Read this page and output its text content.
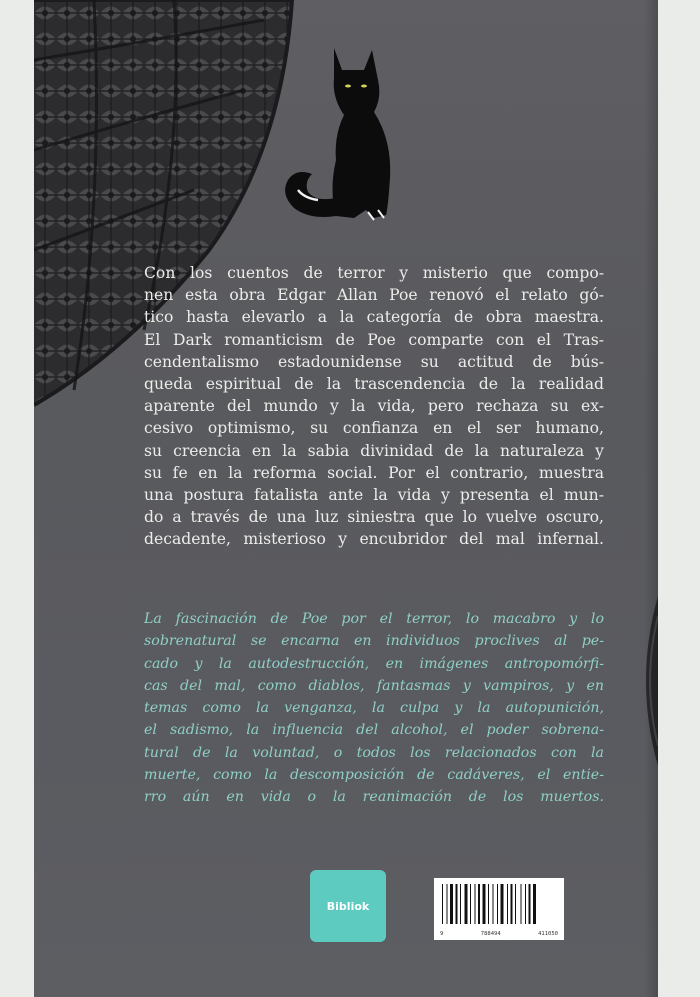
Con los cuentos de terror y misterio que compo-
nen esta obra Edgar Allan Poe renovó el relato gó-
tico hasta elevarlo a la categoría de obra maestra.
El Dark romanticism de Poe comparte con el Tras-
cendentalismo estadounidense su actitud de bús-
queda espiritual de la trascendencia de la realidad
aparente del mundo y la vida, pero rechaza su ex-
cesivo optimismo, su confianza en el ser humano,
su creencia en la sabia divinidad de la naturaleza y
su fe en la reforma social. Por el contrario, muestra
una postura fatalista ante la vida y presenta el mun-
do a través de una luz siniestra que lo vuelve oscuro,
decadente, misterioso y encubridor del mal infernal.

La fascinación de Poe por el terror, lo macabro y lo
sobrenatural se encarna en individuos proclives al pe-
cado y la autodestrucción, en imágenes antropomórfi-
cas del mal, como diablos, fantasmas y vampiros, y en
temas como la venganza, la culpa y la autopunición,
el sadismo, la influencia del alcohol, el poder sobrena-
tural de la voluntad, o todos los relacionados con la
muerte, como la descomposición de cadáveres, el entie-
rro aún en vida o la reanimación de los muertos.

Bibliok
9	788494	411050
